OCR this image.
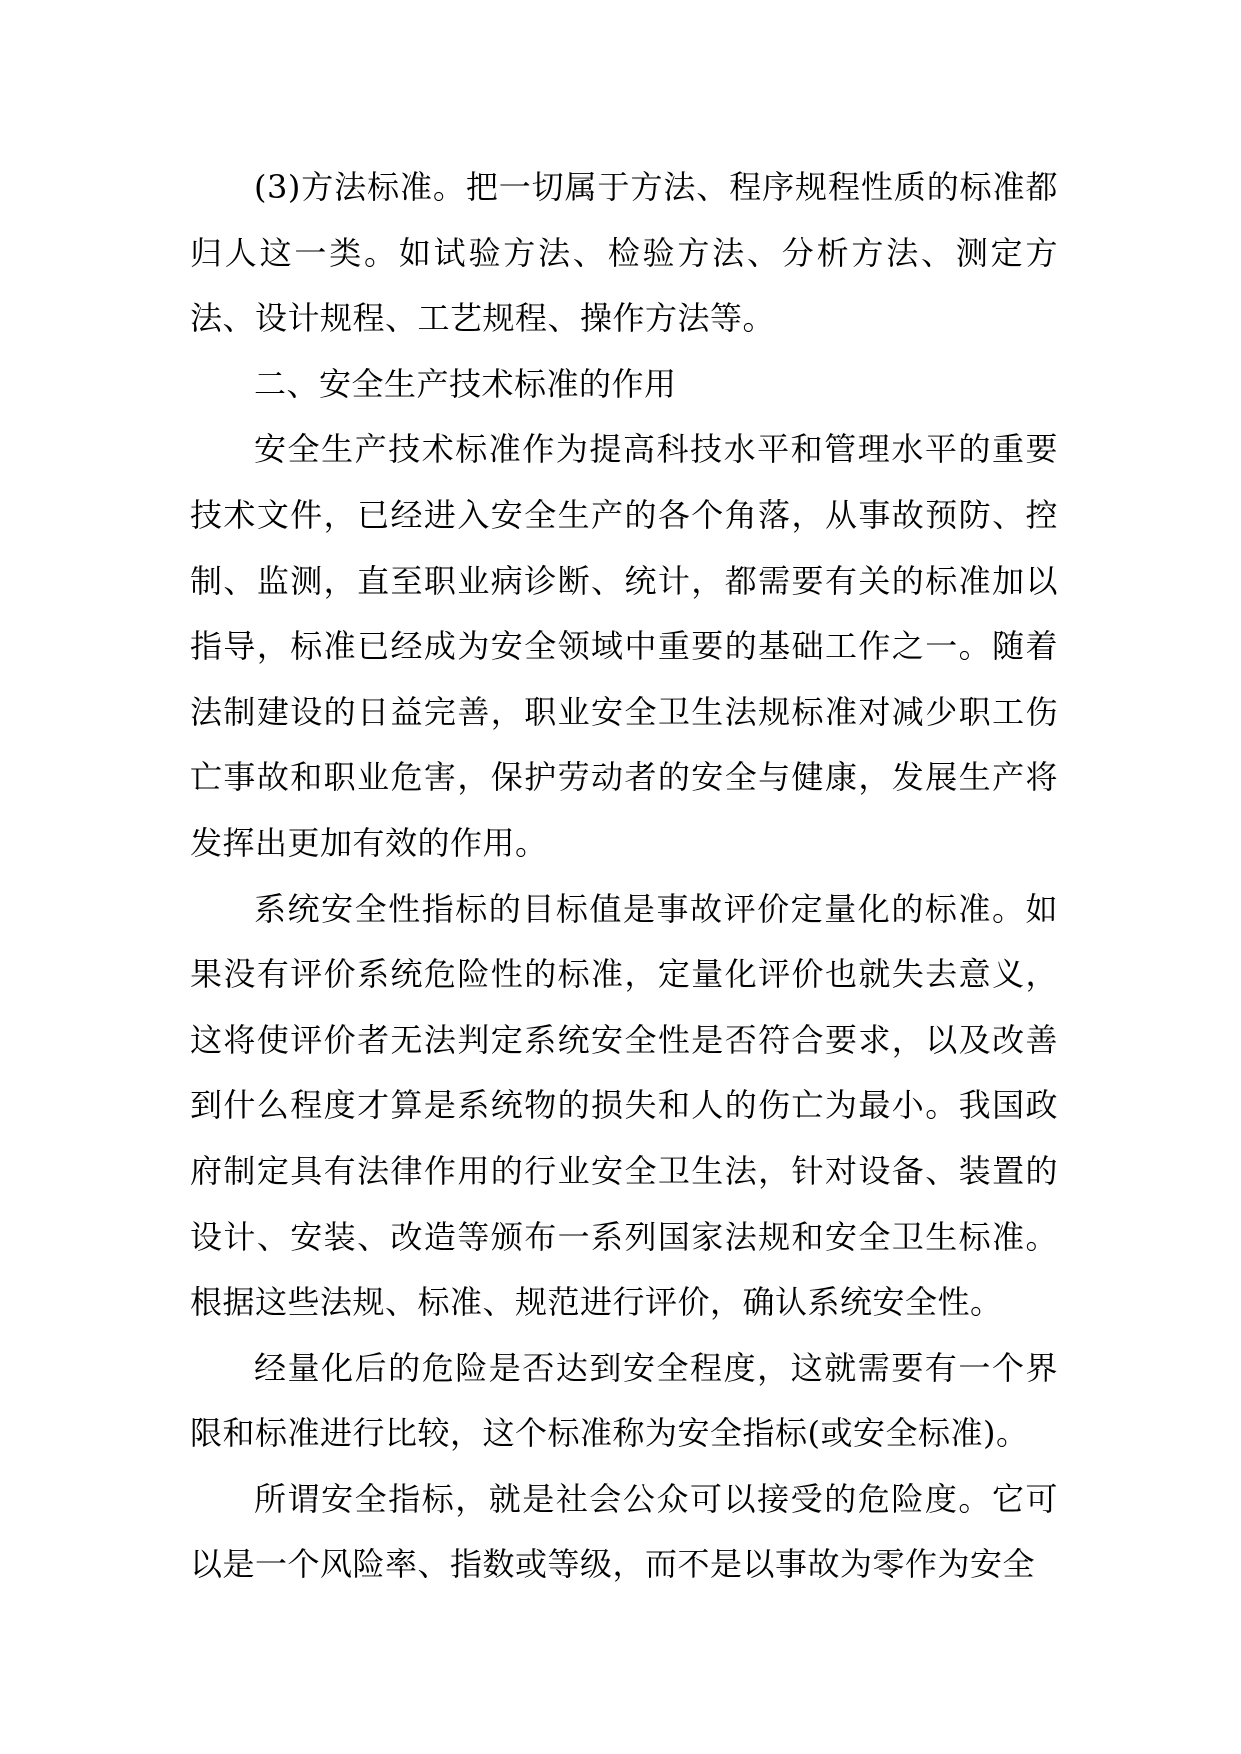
(3)方法标准。把一切属于方法、程序规程性质的标准都归人这一类。如试验方法、检验方法、分析方法、测定方法、设计规程、工艺规程、操作方法等。

二、安全生产技术标准的作用

安全生产技术标准作为提高科技水平和管理水平的重要技术文件，已经进入安全生产的各个角落，从事故预防、控制、监测，直至职业病诊断、统计，都需要有关的标准加以指导，标准已经成为安全领域中重要的基础工作之一。随着法制建设的日益完善，职业安全卫生法规标准对减少职工伤亡事故和职业危害，保护劳动者的安全与健康，发展生产将发挥出更加有效的作用。

系统安全性指标的目标值是事故评价定量化的标准。如果没有评价系统危险性的标准，定量化评价也就失去意义，这将使评价者无法判定系统安全性是否符合要求，以及改善到什么程度才算是系统物的损失和人的伤亡为最小。我国政府制定具有法律作用的行业安全卫生法，针对设备、装置的设计、安装、改造等颁布一系列国家法规和安全卫生标准。根据这些法规、标准、规范进行评价，确认系统安全性。

经量化后的危险是否达到安全程度，这就需要有一个界限和标准进行比较，这个标准称为安全指标(或安全标准)。

所谓安全指标，就是社会公众可以接受的危险度。它可以是一个风险率、指数或等级，而不是以事故为零作为安全
